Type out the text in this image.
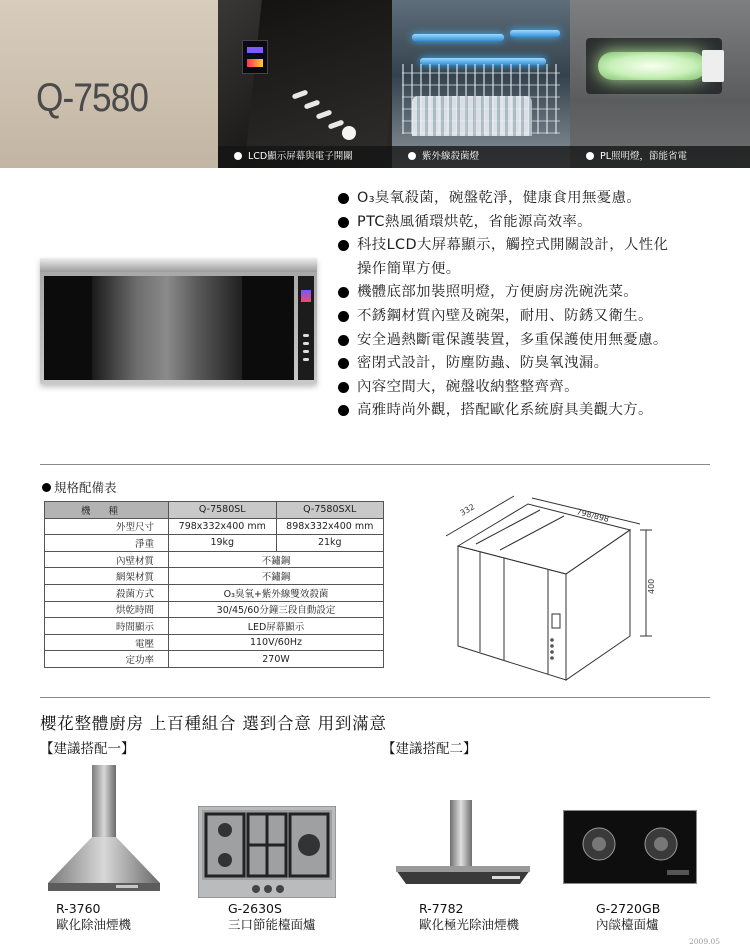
Q-7580
LCD顯示屏幕與電子開關	紫外線殺菌燈	PL照明燈，節能省電
O₃臭氧殺菌，碗盤乾淨，健康食用無憂慮。
PTC熱風循環烘乾，省能源高效率。
科技LCD大屏幕顯示，觸控式開關設計，人性化
操作簡單方便。
機體底部加裝照明燈，方便廚房洗碗洗菜。
不銹鋼材質內壁及碗架，耐用、防銹又衛生。
安全過熱斷電保護裝置，多重保護使用無憂慮。
密閉式設計，防塵防蟲、防臭氧洩漏。
內容空間大，碗盤收納整整齊齊。
高雅時尚外觀，搭配歐化系統廚具美觀大方。
規格配備表
機種	Q-7580SL	Q-7580SXL
外型尺寸	798x332x400 mm	898x332x400 mm
淨重	19kg	21kg
內壁材質	不鏽鋼	
網架材質	不鏽鋼	
殺菌方式	O₃臭氧+紫外線雙效殺菌	
烘乾時間	30/45/60分鐘三段自動設定	
時間顯示	LED屏幕顯示	
電壓	110V/60Hz	
定功率	270W	
332	798/898
400
櫻花整體廚房 上百種組合 選到合意 用到滿意
【建議搭配一】	【建議搭配二】
R-3760
歐化除油煙機
G-2630S
三口節能檯面爐
R-7782
歐化極光除油煙機
G-2720GB
內燄檯面爐
2009.05
